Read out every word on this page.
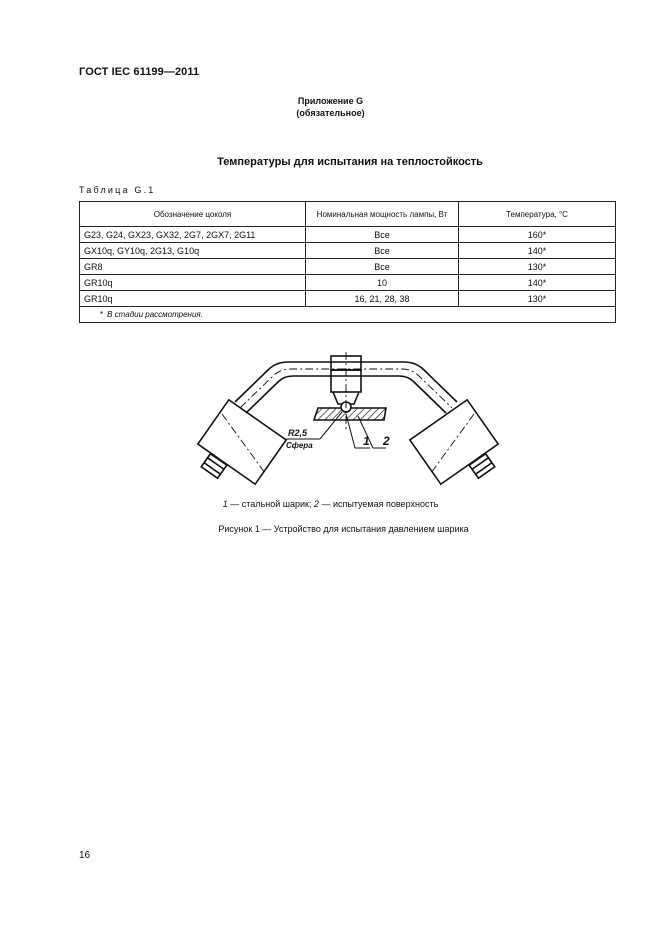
ГОСТ IEC 61199—2011
Приложение G
(обязательное)
Температуры для испытания на теплостойкость
Таблица G.1
Обозначение цоколя	Номинальная мощность лампы, Вт	Температура, °С
G23, G24, GX23, GX32, 2G7, 2GX7, 2G11	Все	160*
GX10q, GY10q, 2G13, G10q	Все	140*
GR8	Все	130*
GR10q	10	140*
GR10q	16, 21, 28, 38	130*
* В стадии рассмотрения.		
R2,5
Сфера	1 2
1 — стальной шарик; 2 — испытуемая поверхность
Рисунок 1 — Устройство для испытания давлением шарика
16
